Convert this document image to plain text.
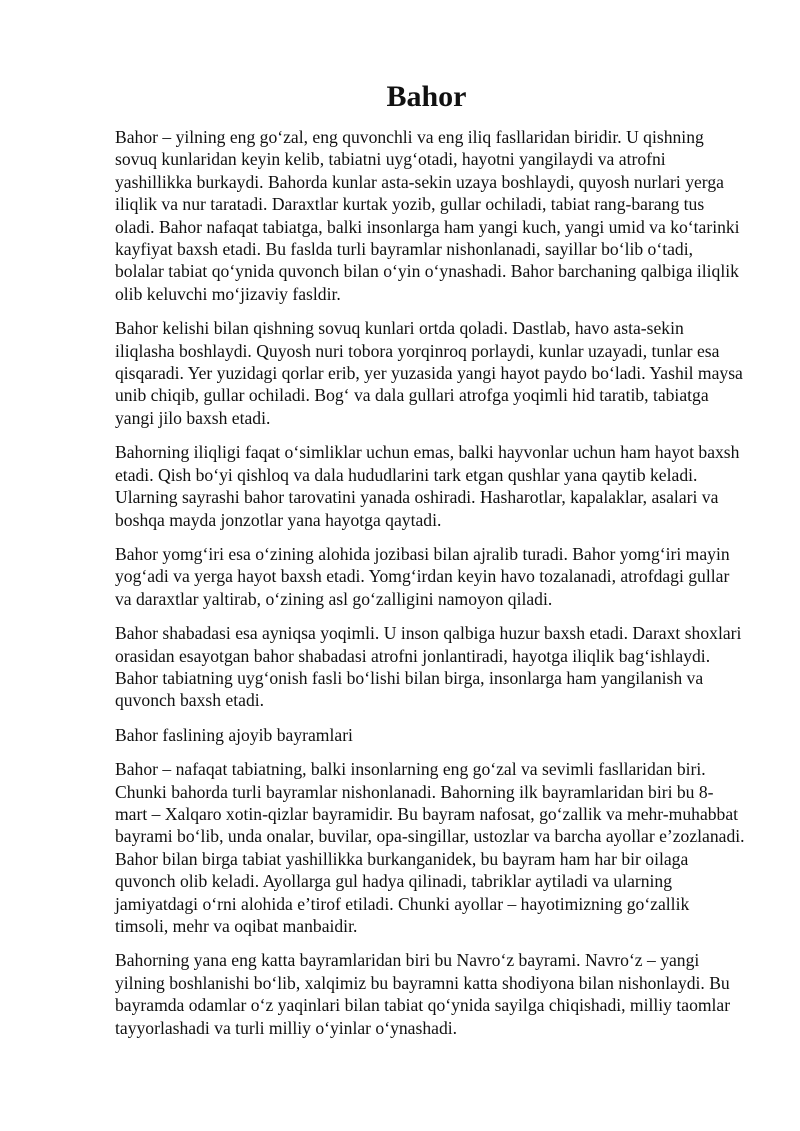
Bahor

Bahor – yilning eng go‘zal, eng quvonchli va eng iliq fasllaridan biridir. U qishning sovuq kunlaridan keyin kelib, tabiatni uyg‘otadi, hayotni yangilaydi va atrofni yashillikka burkaydi. Bahorda kunlar asta-sekin uzaya boshlaydi, quyosh nurlari yerga iliqlik va nur taratadi. Daraxtlar kurtak yozib, gullar ochiladi, tabiat rang-barang tus oladi. Bahor nafaqat tabiatga, balki insonlarga ham yangi kuch, yangi umid va ko‘tarinki kayfiyat baxsh etadi. Bu faslda turli bayramlar nishonlanadi, sayillar bo‘lib o‘tadi, bolalar tabiat qo‘ynida quvonch bilan o‘yin o‘ynashadi. Bahor barchaning qalbiga iliqlik olib keluvchi mo‘jizaviy fasldir.

Bahor kelishi bilan qishning sovuq kunlari ortda qoladi. Dastlab, havo asta-sekin iliqlasha boshlaydi. Quyosh nuri tobora yorqinroq porlaydi, kunlar uzayadi, tunlar esa qisqaradi. Yer yuzidagi qorlar erib, yer yuzasida yangi hayot paydo bo‘ladi. Yashil maysa unib chiqib, gullar ochiladi. Bog‘ va dala gullari atrofga yoqimli hid taratib, tabiatga yangi jilo baxsh etadi.

Bahorning iliqligi faqat o‘simliklar uchun emas, balki hayvonlar uchun ham hayot baxsh etadi. Qish bo‘yi qishloq va dala hududlarini tark etgan qushlar yana qaytib keladi. Ularning sayrashi bahor tarovatini yanada oshiradi. Hasharotlar, kapalaklar, asalari va boshqa mayda jonzotlar yana hayotga qaytadi.

Bahor yomg‘iri esa o‘zining alohida jozibasi bilan ajralib turadi. Bahor yomg‘iri mayin yog‘adi va yerga hayot baxsh etadi. Yomg‘irdan keyin havo tozalanadi, atrofdagi gullar va daraxtlar yaltirab, o‘zining asl go‘zalligini namoyon qiladi.

Bahor shabadasi esa ayniqsa yoqimli. U inson qalbiga huzur baxsh etadi. Daraxt shoxlari orasidan esayotgan bahor shabadasi atrofni jonlantiradi, hayotga iliqlik bag‘ishlaydi. Bahor tabiatning uyg‘onish fasli bo‘lishi bilan birga, insonlarga ham yangilanish va quvonch baxsh etadi.

Bahor faslining ajoyib bayramlari

Bahor – nafaqat tabiatning, balki insonlarning eng go‘zal va sevimli fasllaridan biri. Chunki bahorda turli bayramlar nishonlanadi. Bahorning ilk bayramlaridan biri bu 8-mart – Xalqaro xotin-qizlar bayramidir. Bu bayram nafosat, go‘zallik va mehr-muhabbat bayrami bo‘lib, unda onalar, buvilar, opa-singillar, ustozlar va barcha ayollar e’zozlanadi. Bahor bilan birga tabiat yashillikka burkanganidek, bu bayram ham har bir oilaga quvonch olib keladi. Ayollarga gul hadya qilinadi, tabriklar aytiladi va ularning jamiyatdagi o‘rni alohida e’tirof etiladi. Chunki ayollar – hayotimizning go‘zallik timsoli, mehr va oqibat manbaidir.

Bahorning yana eng katta bayramlaridan biri bu Navro‘z bayrami. Navro‘z – yangi yilning boshlanishi bo‘lib, xalqimiz bu bayramni katta shodiyona bilan nishonlaydi. Bu bayramda odamlar o‘z yaqinlari bilan tabiat qo‘ynida sayilga chiqishadi, milliy taomlar tayyorlashadi va turli milliy o‘yinlar o‘ynashadi.
